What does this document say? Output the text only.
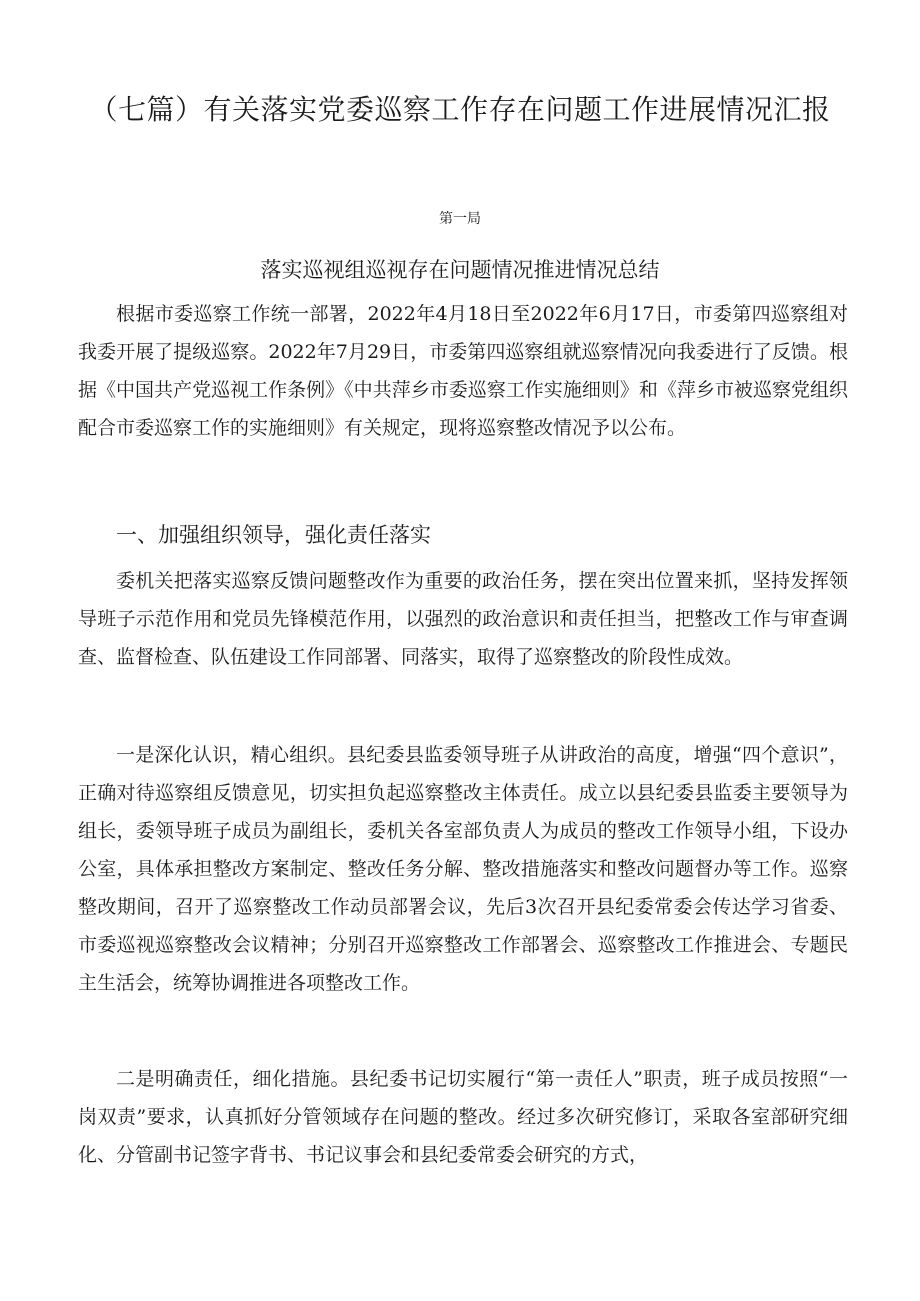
（七篇）有关落实党委巡察工作存在问题工作进展情况汇报
第一局
落实巡视组巡视存在问题情况推进情况总结

根据市委巡察工作统一部署，2022年4月18日至2022年6月17日，市委第四巡察组对我委开展了提级巡察。2022年7月29日，市委第四巡察组就巡察情况向我委进行了反馈。根据《中国共产党巡视工作条例》《中共萍乡市委巡察工作实施细则》和《萍乡市被巡察党组织配合市委巡察工作的实施细则》有关规定，现将巡察整改情况予以公布。

一、加强组织领导，强化责任落实

委机关把落实巡察反馈问题整改作为重要的政治任务，摆在突出位置来抓，坚持发挥领导班子示范作用和党员先锋模范作用，以强烈的政治意识和责任担当，把整改工作与审查调查、监督检查、队伍建设工作同部署、同落实，取得了巡察整改的阶段性成效。

一是深化认识，精心组织。县纪委县监委领导班子从讲政治的高度，增强“四个意识”，正确对待巡察组反馈意见，切实担负起巡察整改主体责任。成立以县纪委县监委主要领导为组长，委领导班子成员为副组长，委机关各室部负责人为成员的整改工作领导小组，下设办公室，具体承担整改方案制定、整改任务分解、整改措施落实和整改问题督办等工作。巡察整改期间，召开了巡察整改工作动员部署会议，先后3次召开县纪委常委会传达学习省委、市委巡视巡察整改会议精神；分别召开巡察整改工作部署会、巡察整改工作推进会、专题民主生活会，统筹协调推进各项整改工作。

二是明确责任，细化措施。县纪委书记切实履行“第一责任人”职责，班子成员按照“一岗双责”要求，认真抓好分管领域存在问题的整改。经过多次研究修订，采取各室部研究细化、分管副书记签字背书、书记议事会和县纪委常委会研究的方式，
